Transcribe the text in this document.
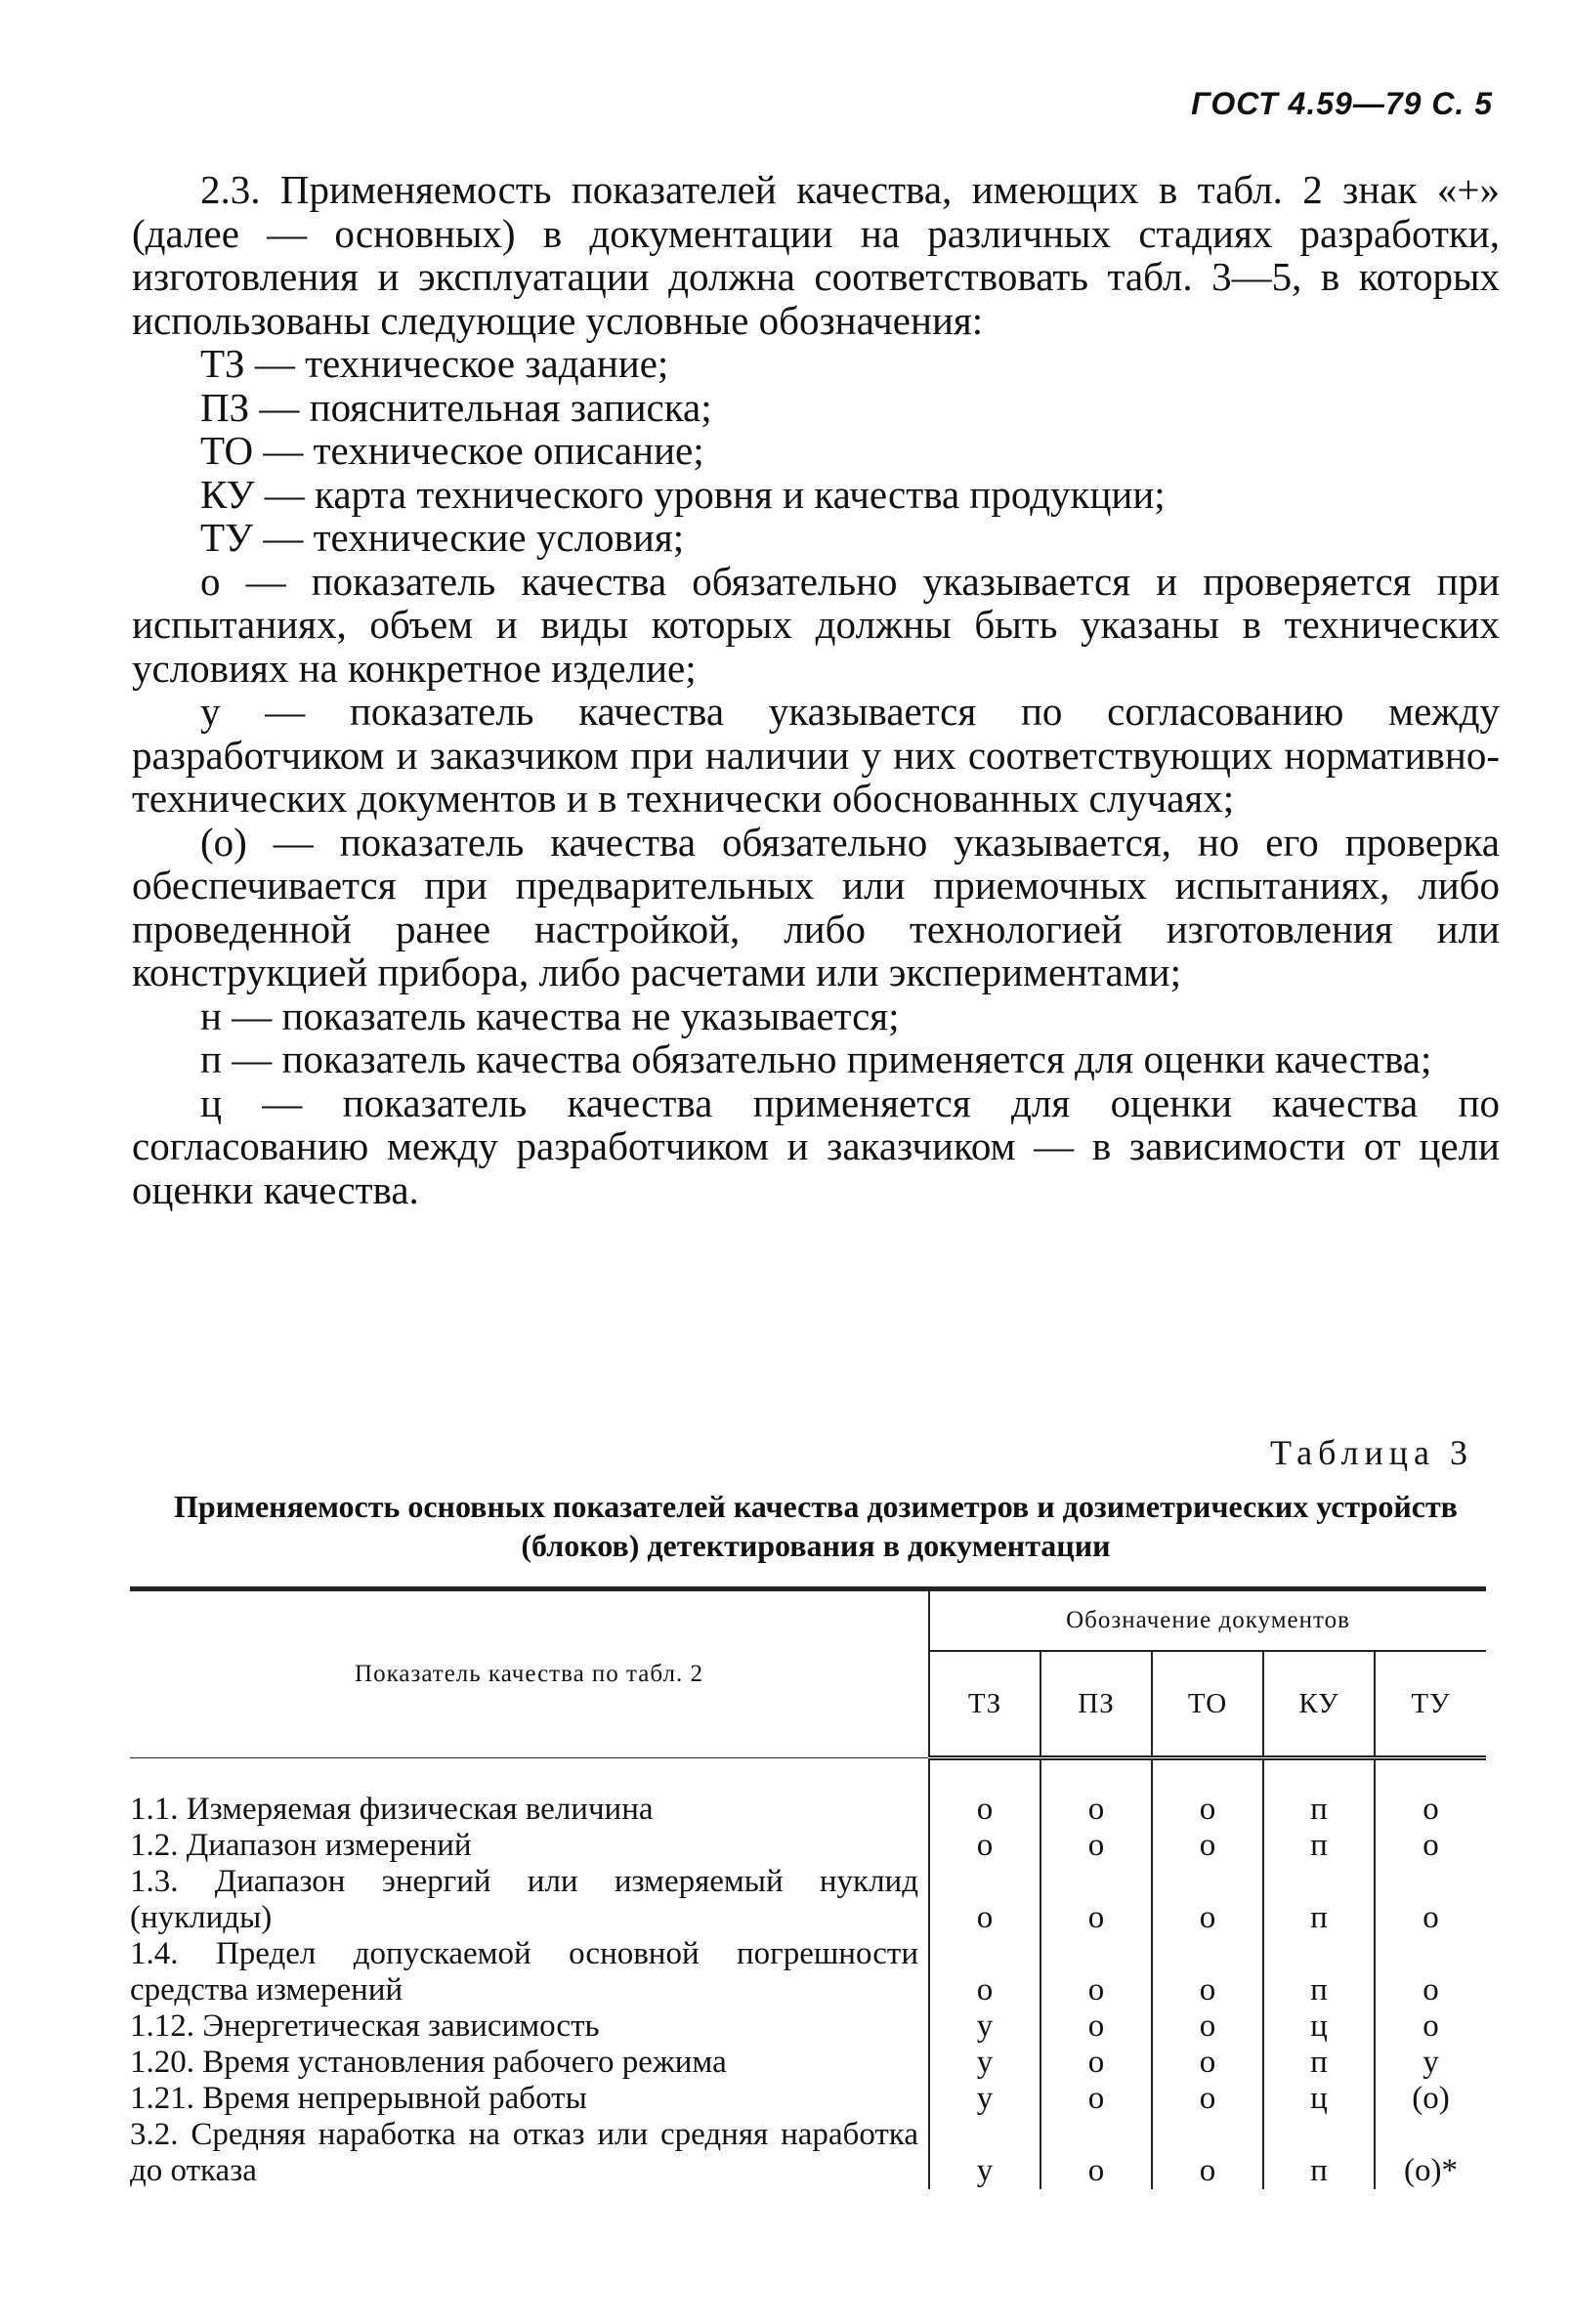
ГОСТ 4.59—79 С. 5

2.3. Применяемость показателей качества, имеющих в табл. 2 знак «+» (далее — основных) в документации на различных стадиях разработки, изготовления и эксплуатации должна соответствовать табл. 3—5, в которых использованы следующие условные обозначения:

ТЗ — техническое задание;

ПЗ — пояснительная записка;

ТО — техническое описание;

КУ — карта технического уровня и качества продукции;

ТУ — технические условия;

о — показатель качества обязательно указывается и проверяется при испытаниях, объем и виды которых должны быть указаны в технических условиях на конкретное изделие;

у — показатель качества указывается по согласованию между разработчиком и заказчиком при наличии у них соответствующих нормативно-технических документов и в технически обоснованных случаях;

(о) — показатель качества обязательно указывается, но его проверка обеспечивается при предварительных или приемочных испытаниях, либо проведенной ранее настройкой, либо технологией изготовления или конструкцией прибора, либо расчетами или экспериментами;

н — показатель качества не указывается;

п — показатель качества обязательно применяется для оценки качества;

ц — показатель качества применяется для оценки качества по согласованию между разработчиком и заказчиком — в зависимости от цели оценки качества.

Таблица 3
Применяемость основных показателей качества дозиметров и дозиметрических устройств (блоков) детектирования в документации
Показатель качества по табл. 2	Обозначение документов				
	ТЗ	ПЗ	ТО	КУ	ТУ
1.1. Измеряемая физическая величина	о	о	о	п	о
1.2. Диапазон измерений	о	о	о	п	о
1.3. Диапазон энергий или измеряемый нуклид (нуклиды)	о	о	о	п	о
1.4. Предел допускаемой основной погрешности средства измерений	о	о	о	п	о
1.12. Энергетическая зависимость	у	о	о	ц	о
1.20. Время установления рабочего режима	у	о	о	п	у
1.21. Время непрерывной работы	у	о	о	ц	(о)
3.2. Средняя наработка на отказ или средняя наработка до отказа	у	о	о	п	(о)*
